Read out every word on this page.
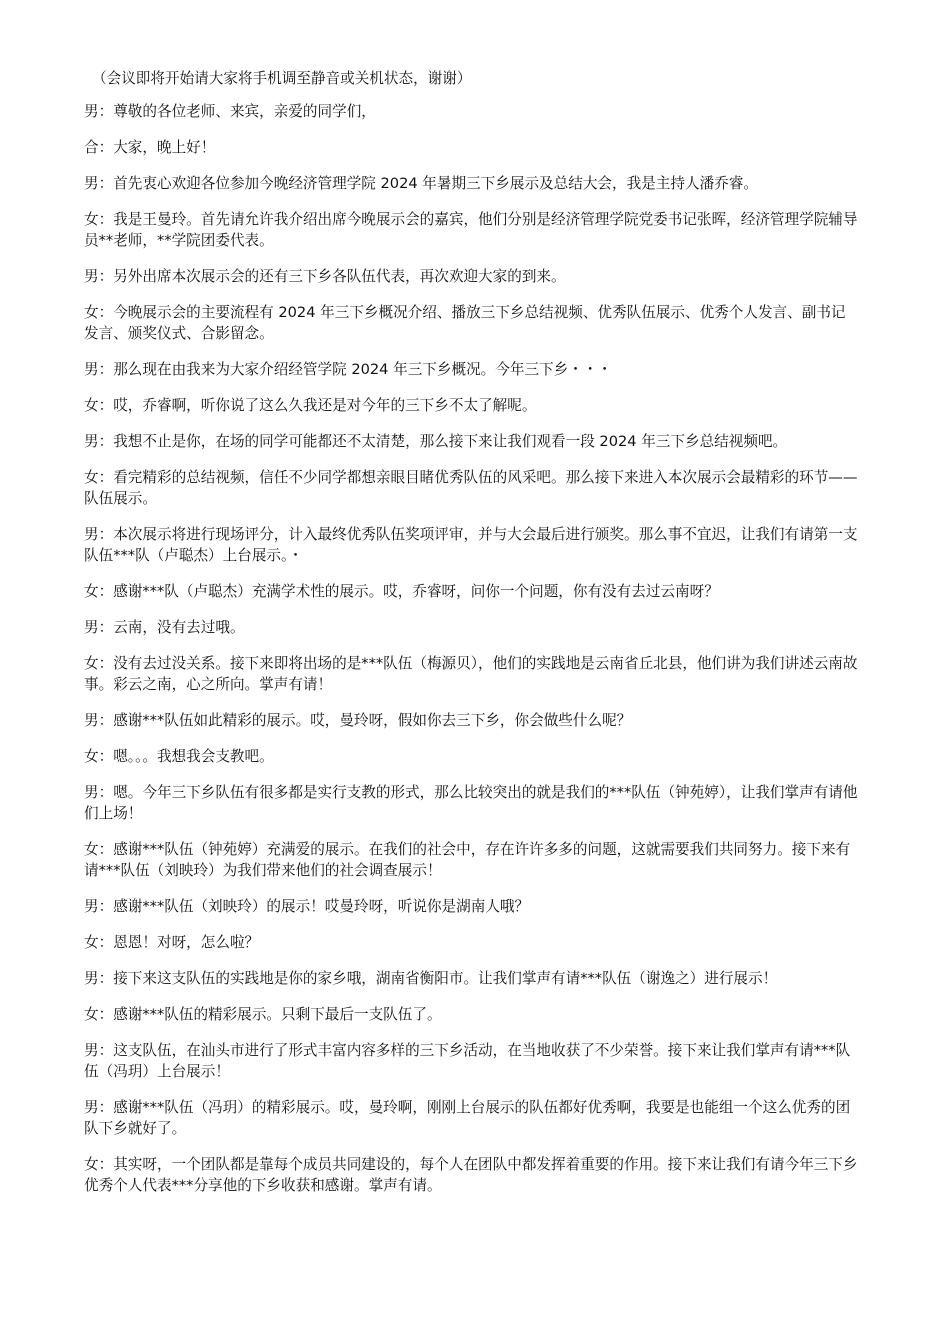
（会议即将开始请大家将手机调至静音或关机状态，谢谢）

男：尊敬的各位老师、来宾，亲爱的同学们，

合：大家，晚上好！

男：首先衷心欢迎各位参加今晚经济管理学院 2024 年暑期三下乡展示及总结大会，我是主持人潘乔睿。

女：我是王曼玲。首先请允许我介绍出席今晚展示会的嘉宾，他们分别是经济管理学院党委书记张晖，经济管理学院辅导员**老师，**学院团委代表。

男：另外出席本次展示会的还有三下乡各队伍代表，再次欢迎大家的到来。

女：今晚展示会的主要流程有 2024 年三下乡概况介绍、播放三下乡总结视频、优秀队伍展示、优秀个人发言、副书记发言、颁奖仪式、合影留念。

男：那么现在由我来为大家介绍经管学院 2024 年三下乡概况。今年三下乡・・・

女：哎，乔睿啊，听你说了这么久我还是对今年的三下乡不太了解呢。

男：我想不止是你，在场的同学可能都还不太清楚，那么接下来让我们观看一段 2024 年三下乡总结视频吧。

女：看完精彩的总结视频，信任不少同学都想亲眼目睹优秀队伍的风采吧。那么接下来进入本次展示会最精彩的环节——队伍展示。

男：本次展示将进行现场评分，计入最终优秀队伍奖项评审，并与大会最后进行颁奖。那么事不宜迟，让我们有请第一支队伍***队（卢聪杰）上台展示。・

女：感谢***队（卢聪杰）充满学术性的展示。哎，乔睿呀，问你一个问题，你有没有去过云南呀？

男：云南，没有去过哦。

女：没有去过没关系。接下来即将出场的是***队伍（梅源贝），他们的实践地是云南省丘北县，他们讲为我们讲述云南故事。彩云之南，心之所向。掌声有请！

男：感谢***队伍如此精彩的展示。哎，曼玲呀，假如你去三下乡，你会做些什么呢？

女：嗯。。。我想我会支教吧。

男：嗯。今年三下乡队伍有很多都是实行支教的形式，那么比较突出的就是我们的***队伍（钟苑婷），让我们掌声有请他们上场！

女：感谢***队伍（钟苑婷）充满爱的展示。在我们的社会中，存在许许多多的问题，这就需要我们共同努力。接下来有请***队伍（刘映玲）为我们带来他们的社会调查展示！

男：感谢***队伍（刘映玲）的展示！哎曼玲呀，听说你是湖南人哦？

女：恩恩！对呀，怎么啦？

男：接下来这支队伍的实践地是你的家乡哦，湖南省衡阳市。让我们掌声有请***队伍（谢逸之）进行展示！

女：感谢***队伍的精彩展示。只剩下最后一支队伍了。

男：这支队伍，在汕头市进行了形式丰富内容多样的三下乡活动，在当地收获了不少荣誉。接下来让我们掌声有请***队伍（冯玥）上台展示！

男：感谢***队伍（冯玥）的精彩展示。哎，曼玲啊，刚刚上台展示的队伍都好优秀啊，我要是也能组一个这么优秀的团队下乡就好了。

女：其实呀，一个团队都是靠每个成员共同建设的，每个人在团队中都发挥着重要的作用。接下来让我们有请今年三下乡优秀个人代表***分享他的下乡收获和感谢。掌声有请。
